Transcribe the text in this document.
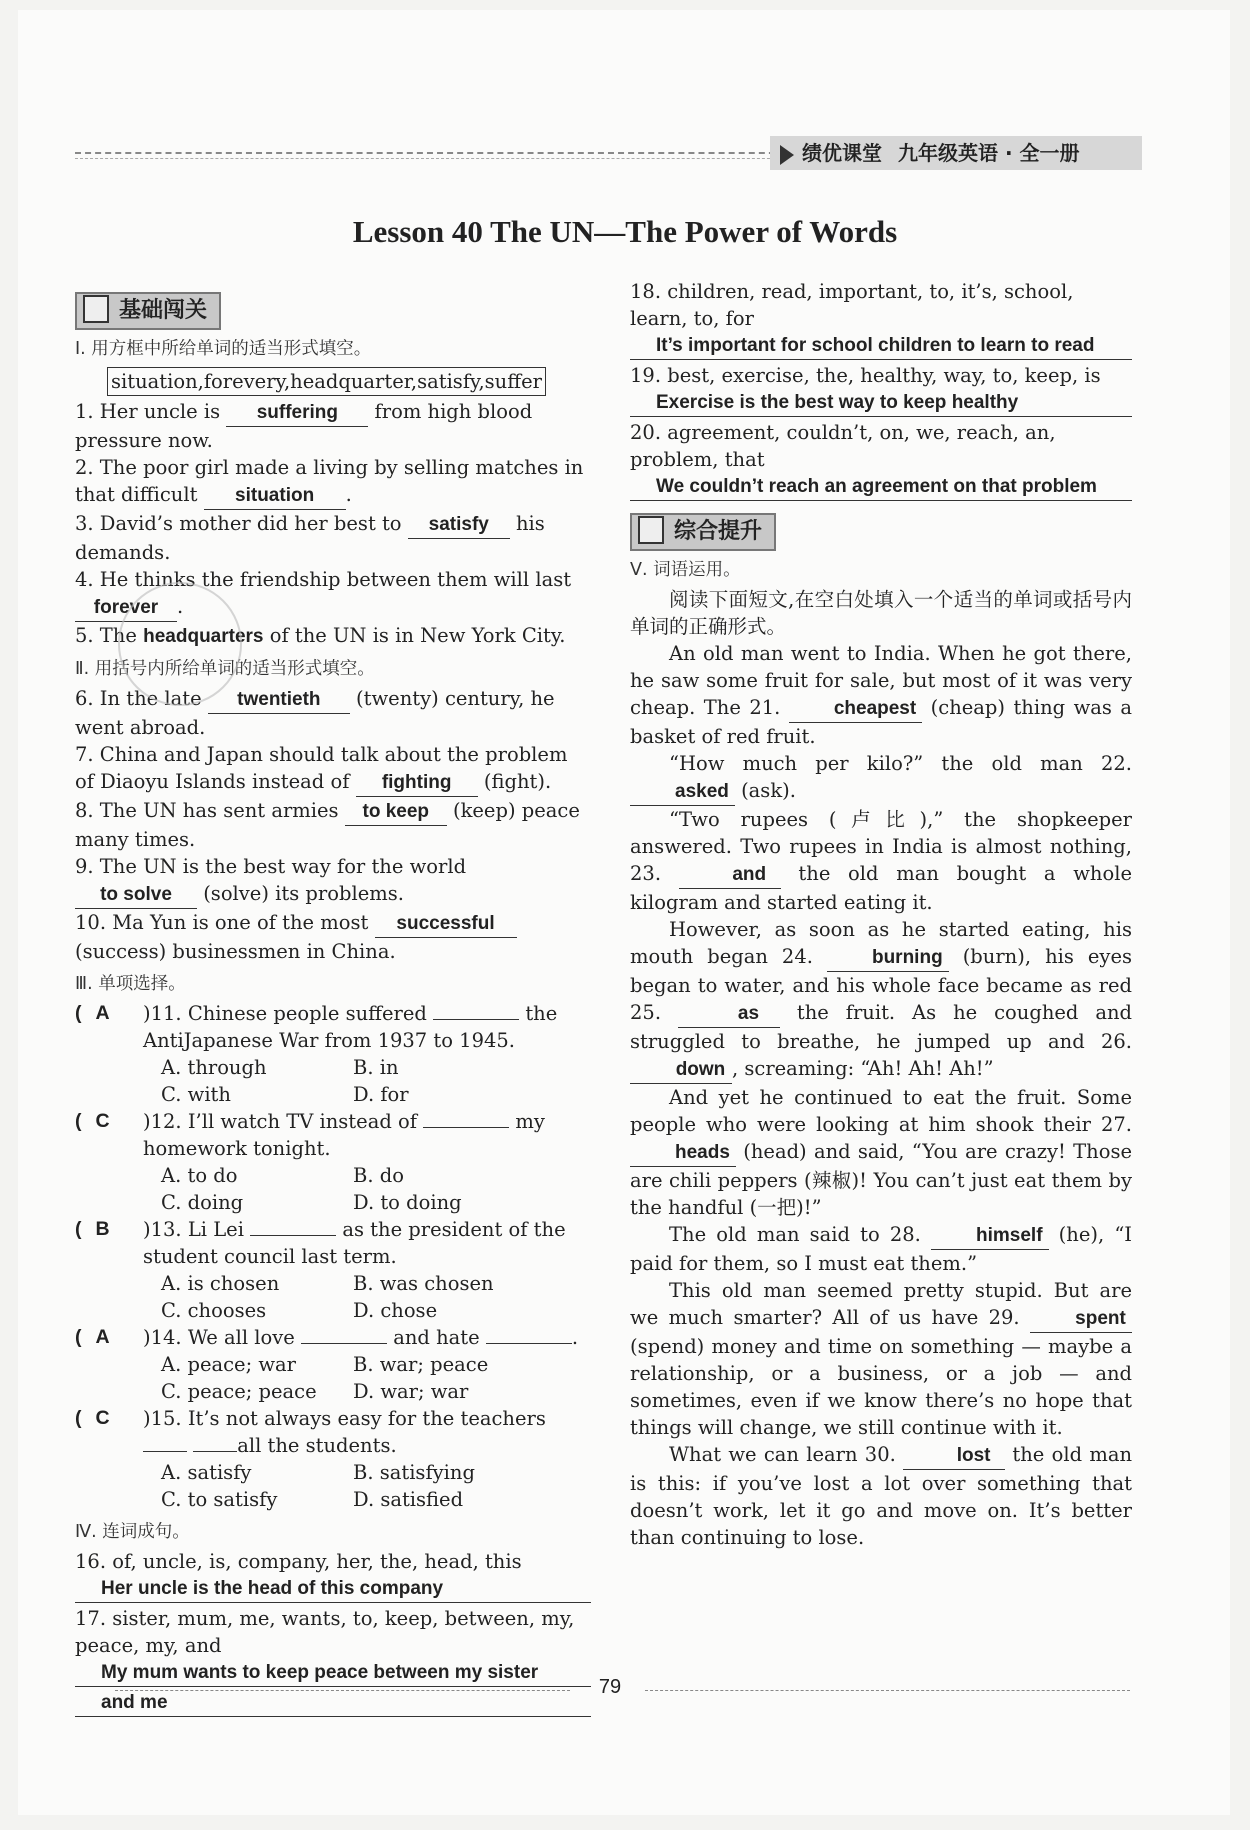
绩优课堂 九年级英语 · 全一册
Lesson 40 The UN—The Power of Words
基础闯关
Ⅰ. 用方框中所给单词的适当形式填空。
situation,forevery,headquarter,satisfy,suffer

1. Her uncle is suffering from high blood pressure now.

2. The poor girl made a living by selling matches in that difficult situation .

3. David’s mother did her best to satisfy his demands.

4. He thinks the friendship between them will last forever .

5. The headquarters of the UN is in New York City.

Ⅱ. 用括号内所给单词的适当形式填空。

6. In the late twentieth (twenty) century, he went abroad.

7. China and Japan should talk about the problem of Diaoyu Islands instead of fighting (fight).

8. The UN has sent armies to keep (keep) peace many times.

9. The UN is the best way for the world to solve (solve) its problems.

10. Ma Yun is one of the most successful (success) businessmen in China.

Ⅲ. 单项选择。
( A	)11. Chinese people suffered	the AntiJapanese War from 1937 to 1945.
A. through	B. in
C. with	D. for
( C	)12. I’ll watch TV instead of	my homework tonight.
A. to do	B. do
C. doing	D. to doing
( B	)13. Li Lei	as the president of the student council last term.
A. is chosen	B. was chosen
C. chooses	D. chose
( A	)14. We all love	and hate	.
A. peace; war	B. war; peace
C. peace; peace	D. war; war
( C	)15. It’s not always easy for the teachers  all the students.
A. satisfy	B. satisfying
C. to satisfy	D. satisfied
Ⅳ. 连词成句。

16. of, uncle, is, company, her, the, head, this

Her uncle is the head of this company

17. sister, mum, me, wants, to, keep, between, my, peace, my, and

My mum wants to keep peace between my sister
and me

18. children, read, important, to, it’s, school, learn, to, for

It’s important for school children to learn to read

19. best, exercise, the, healthy, way, to, keep, is

Exercise is the best way to keep healthy

20. agreement, couldn’t, on, we, reach, an, problem, that

We couldn’t reach an agreement on that problem
综合提升
Ⅴ. 词语运用。

阅读下面短文,在空白处填入一个适当的单词或括号内单词的正确形式。

An old man went to India. When he got there, he saw some fruit for sale, but most of it was very cheap. The 21.	cheapest (cheap) thing was a basket of red fruit.

“How much per kilo?” the old man 22. asked (ask).

“Two rupees (卢比),” the shopkeeper answered. Two rupees in India is almost nothing, 23.	and the old man bought a whole kilogram and started eating it.

However, as soon as he started eating, his mouth began 24.	burning (burn), his eyes began to water, and his whole face became as red 25.	as the fruit. As he coughed and struggled to breathe, he jumped up and 26. down , screaming: “Ah! Ah! Ah!”

And yet he continued to eat the fruit. Some people who were looking at him shook their 27. heads (head) and said, “You are crazy! Those are chili peppers (辣椒)! You can’t just eat them by the handful (一把)!”

The old man said to 28.	himself (he), “I paid for them, so I must eat them.”

This old man seemed pretty stupid. But are we much smarter? All of us have 29.	spent (spend) money and time on something — maybe a relationship, or a business, or a job — and sometimes, even if we know there’s no hope that things will change, we still continue with it.

What we can learn 30.	lost the old man is this: if you’ve lost a lot over something that doesn’t work, let it go and move on. It’s better than continuing to lose.

79
